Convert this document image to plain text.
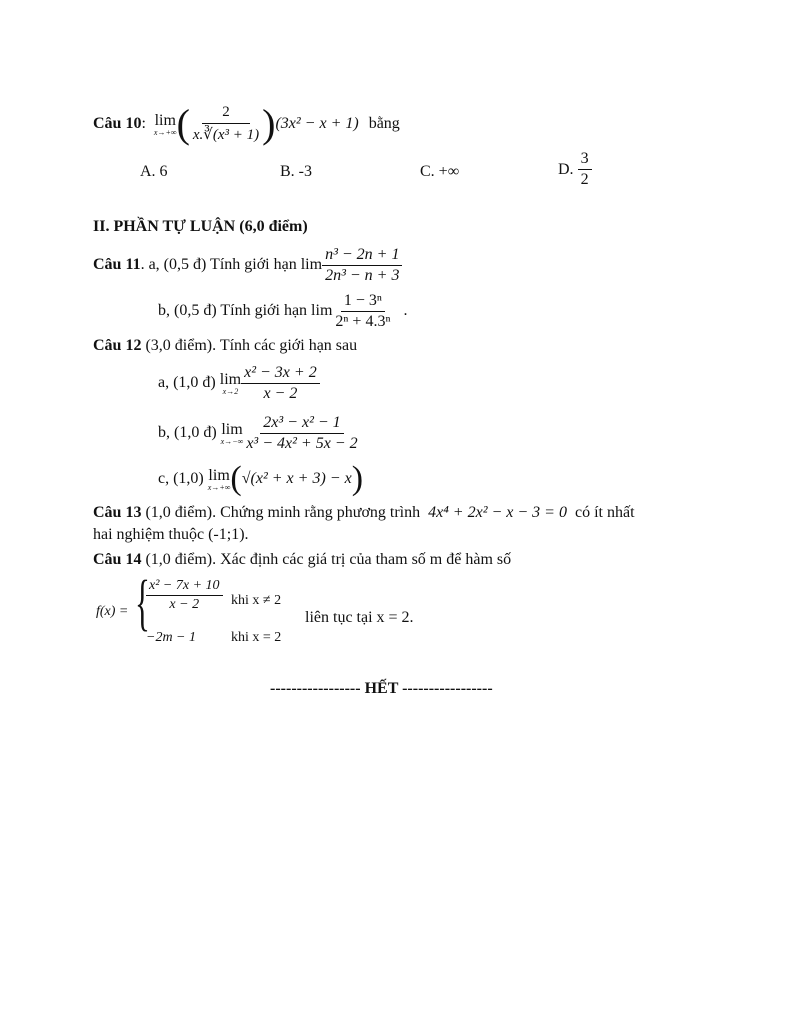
Câu 10 :
lim
x→+∞ ( $\frac{2}{\text{x.∛(x³ + 1)}}$ ) (3x² − x + 1) bằng
A. 6	B. -3	C. +∞	D.
$\frac{3}{2}$
II. PHẦN TỰ LUẬN (6,0 điểm)
Câu 11 . a, (0,5 đ) Tính giới hạn
$\lim \frac{\text{n³ − 2n + 1}}{\text{2n³ − n + 3}}$
b, (0,5 đ) Tính giới hạn
$\lim \frac{\text{1 − 3ⁿ}}{\text{2ⁿ + 4.3ⁿ}}$ .
Câu 12 (3,0 điểm). Tính các giới hạn sau
a, (1,0 đ)
lim
$x\to 2 \frac{\text{x² − 3x + 2}}{x - 2}$
b, (1,0 đ)
lim
$x\to-\infty \frac{\text{2x³ − x² − 1}}{\text{x³ − 4x² + 5x − 2}}$
c, (1,0)
lim
x→+∞ ( √(x² + x + 3) − x )
Câu 13 (1,0 điểm). Chứng minh rằng phương trình 4x⁴ + 2x² − x − 3 = 0 có ít nhất
hai nghiệm thuộc (-1;1).
Câu 14 (1,0 điểm). Xác định các giá trị của tham số m để hàm số
f(x) = {
$\frac{\text{x² − 7x + 10}}{x - 2}$ khi x ≠ 2
−2m − 1 khi x = 2
liên tục tại x = 2.
----------------- HẾT -----------------
